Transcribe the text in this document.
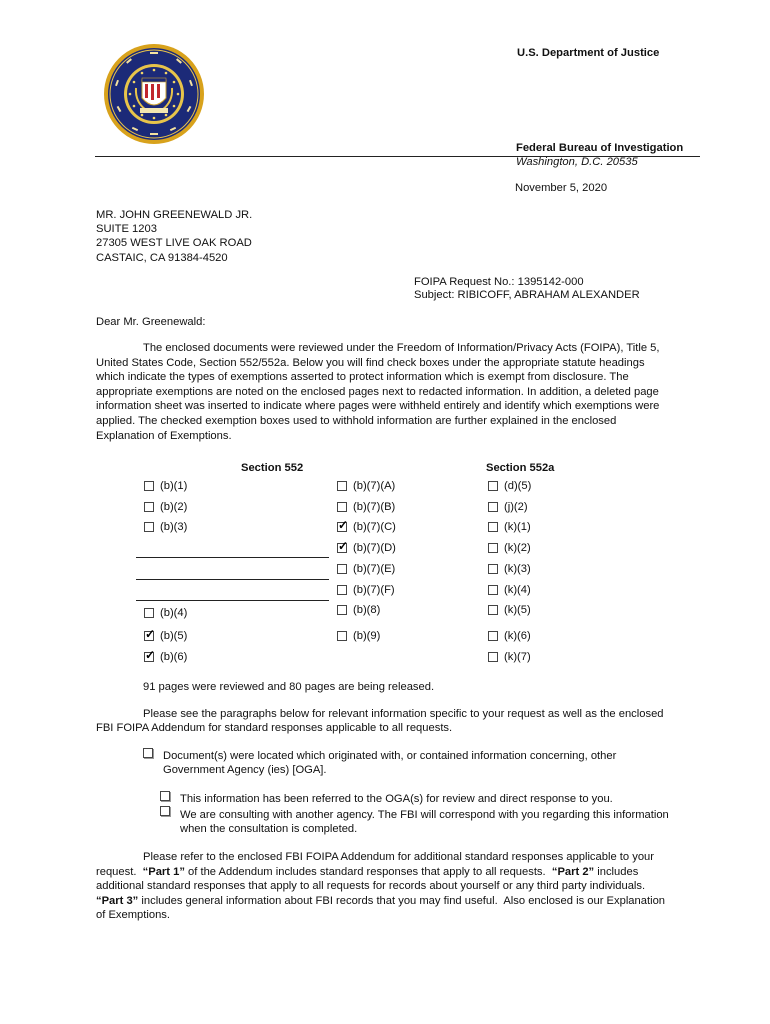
U.S. Department of Justice
Federal Bureau of Investigation
Washington, D.C. 20535
November 5, 2020
MR. JOHN GREENEWALD JR.
SUITE 1203
27305 WEST LIVE OAK ROAD
CASTAIC, CA 91384-4520
FOIPA Request No.: 1395142-000
Subject: RIBICOFF, ABRAHAM ALEXANDER
Dear Mr. Greenewald:
The enclosed documents were reviewed under the Freedom of Information/Privacy Acts (FOIPA), Title 5,
United States Code, Section 552/552a. Below you will find check boxes under the appropriate statute headings
which indicate the types of exemptions asserted to protect information which is exempt from disclosure. The
appropriate exemptions are noted on the enclosed pages next to redacted information. In addition, a deleted page
information sheet was inserted to indicate where pages were withheld entirely and identify which exemptions were
applied. The checked exemption boxes used to withhold information are further explained in the enclosed
Explanation of Exemptions.
Section 552	Section 552a
(b)(1)
(b)(2)
(b)(3)
(b)(4)
✓ (b)(5)
✓ (b)(6)
(b)(7)(A)
(b)(7)(B)
✓ (b)(7)(C)
✓ (b)(7)(D)
(b)(7)(E)
(b)(7)(F)
(b)(8)
(b)(9)
(d)(5)
(j)(2)
(k)(1)
(k)(2)
(k)(3)
(k)(4)
(k)(5)
(k)(6)
(k)(7)
91 pages were reviewed and 80 pages are being released.
Please see the paragraphs below for relevant information specific to your request as well as the enclosed
FBI FOIPA Addendum for standard responses applicable to all requests.
Document(s) were located which originated with, or contained information concerning, other
Government Agency (ies) [OGA].
This information has been referred to the OGA(s) for review and direct response to you.
We are consulting with another agency. The FBI will correspond with you regarding this information
when the consultation is completed.
Please refer to the enclosed FBI FOIPA Addendum for additional standard responses applicable to your
request.  “Part 1” of the Addendum includes standard responses that apply to all requests.  “Part 2” includes
additional standard responses that apply to all requests for records about yourself or any third party individuals.
“Part 3” includes general information about FBI records that you may find useful.  Also enclosed is our Explanation
of Exemptions.
